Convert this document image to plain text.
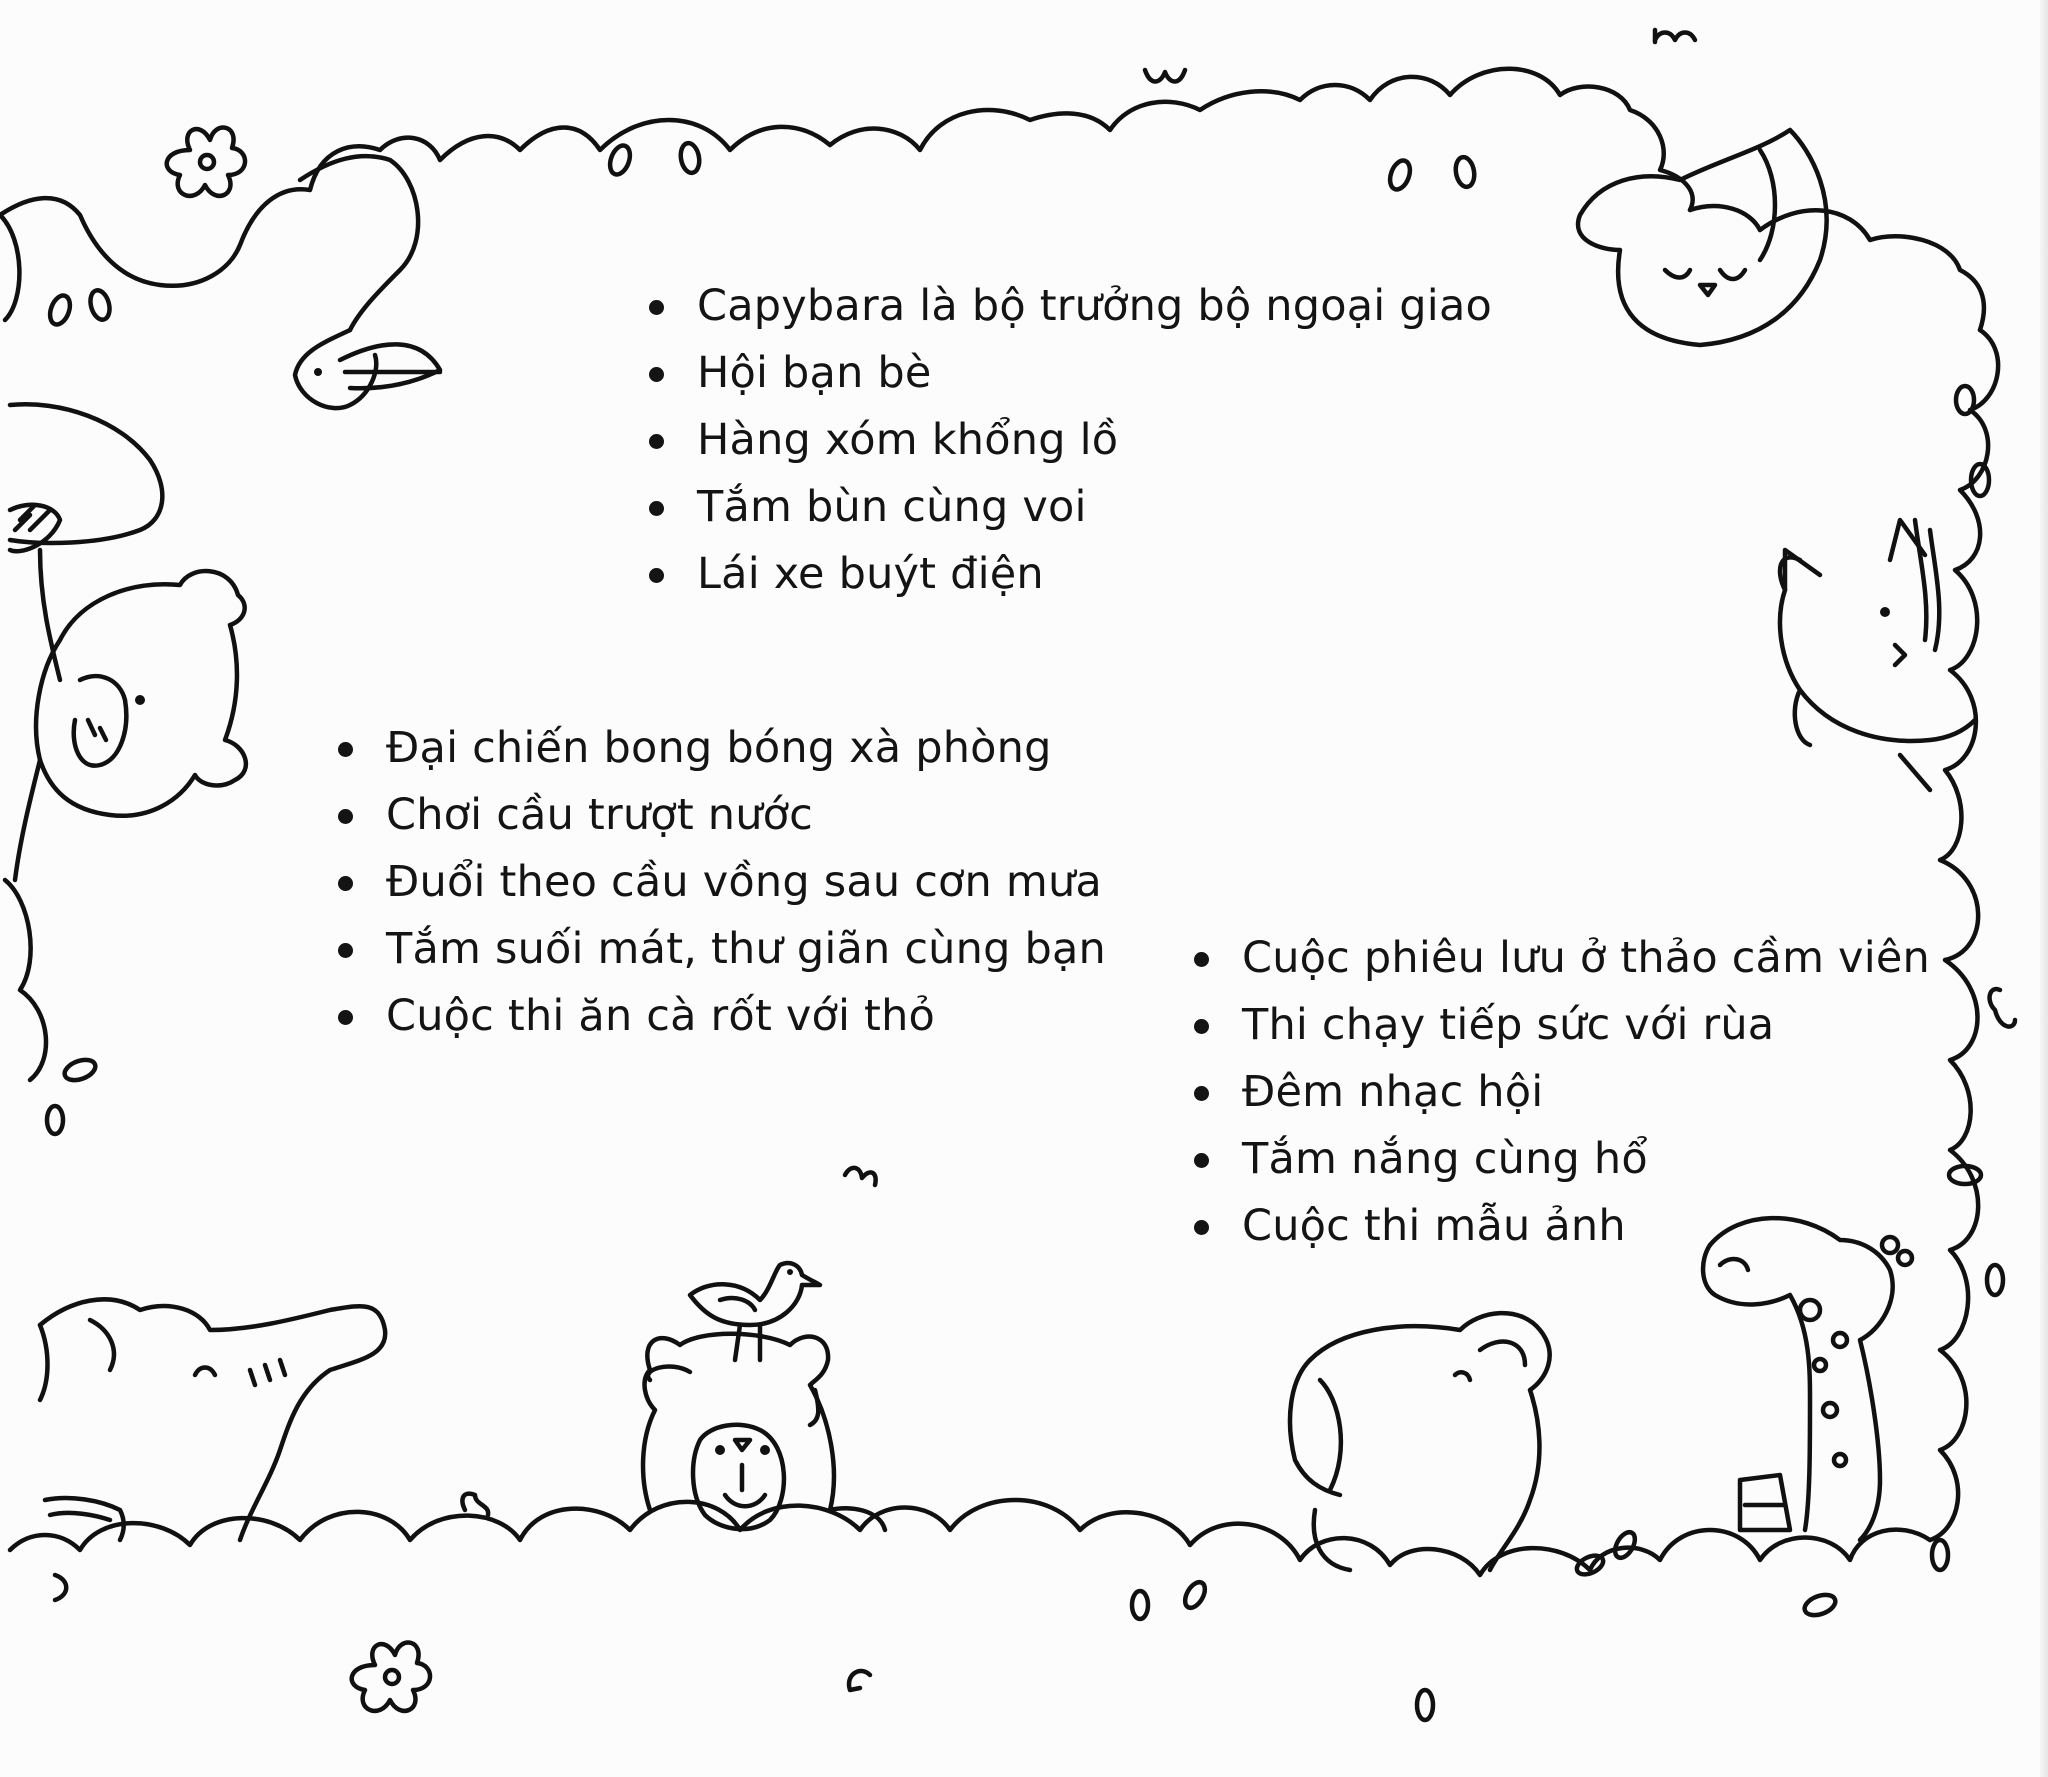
Capybara là bộ trưởng bộ ngoại giao
Hội bạn bè
Hàng xóm khổng lồ
Tắm bùn cùng voi
Lái xe buýt điện
Đại chiến bong bóng xà phòng
Chơi cầu trượt nước
Đuổi theo cầu vồng sau cơn mưa
Tắm suối mát, thư giãn cùng bạn
Cuộc thi ăn cà rốt với thỏ
Cuộc phiêu lưu ở thảo cầm viên
Thi chạy tiếp sức với rùa
Đêm nhạc hội
Tắm nắng cùng hổ
Cuộc thi mẫu ảnh
